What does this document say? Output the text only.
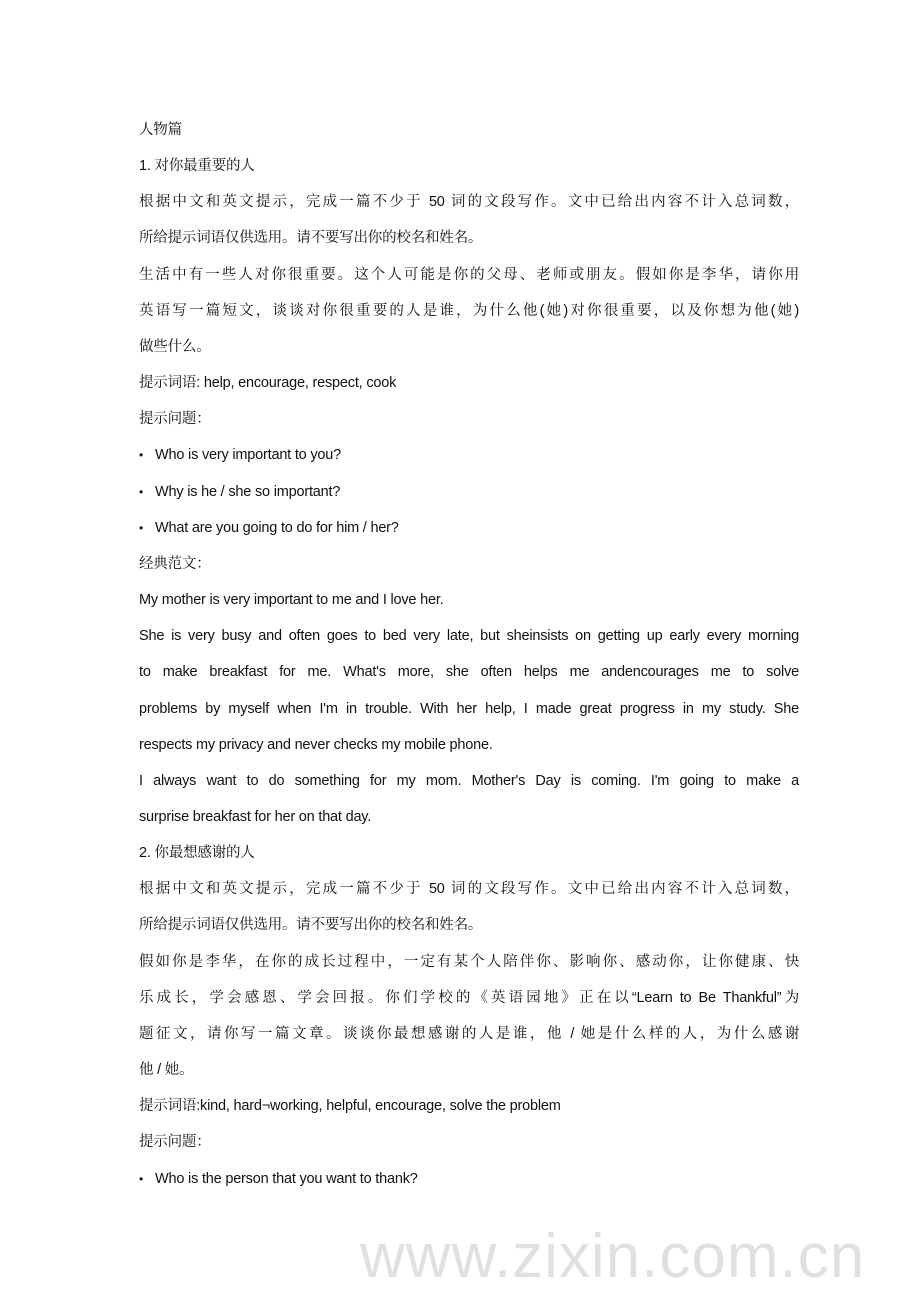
人物篇
1. 对你最重要的人
根据中文和英文提示，完成一篇不少于 50 词的文段写作。文中已给出内容不计入总词数，
所给提示词语仅供选用。请不要写出你的校名和姓名。
生活中有一些人对你很重要。这个人可能是你的父母、老师或朋友。假如你是李华，请你用
英语写一篇短文，谈谈对你很重要的人是谁，为什么他(她)对你很重要，以及你想为他(她)
做些什么。
提示词语: help, encourage, respect, cook
提示问题：
• Who is very important to you?
• Why is he / she so important?
• What are you going to do for him / her?
经典范文：
My mother is very important to me and I love her.
She is very busy and often goes to bed very late, but sheinsists on getting up early every morning
to make breakfast for me. What's more, she often helps me andencourages me to solve
problems by myself when I'm in trouble. With her help, I made great progress in my study. She
respects my privacy and never checks my mobile phone.
I always want to do something for my mom. Mother's Day is coming. I'm going to make a
surprise breakfast for her on that day.
2. 你最想感谢的人
根据中文和英文提示，完成一篇不少于 50 词的文段写作。文中已给出内容不计入总词数，
所给提示词语仅供选用。请不要写出你的校名和姓名。
假如你是李华，在你的成长过程中，一定有某个人陪伴你、影响你、感动你，让你健康、快
乐成长，学会感恩、学会回报。你们学校的《英语园地》正在以“Learn to Be Thankful”为
题征文，请你写一篇文章。谈谈你最想感谢的人是谁，他 / 她是什么样的人，为什么感谢
他 / 她。
提示词语:kind, hard¬working, helpful, encourage, solve the problem
提示问题：
• Who is the person that you want to thank?
www.zixin.com.cn
